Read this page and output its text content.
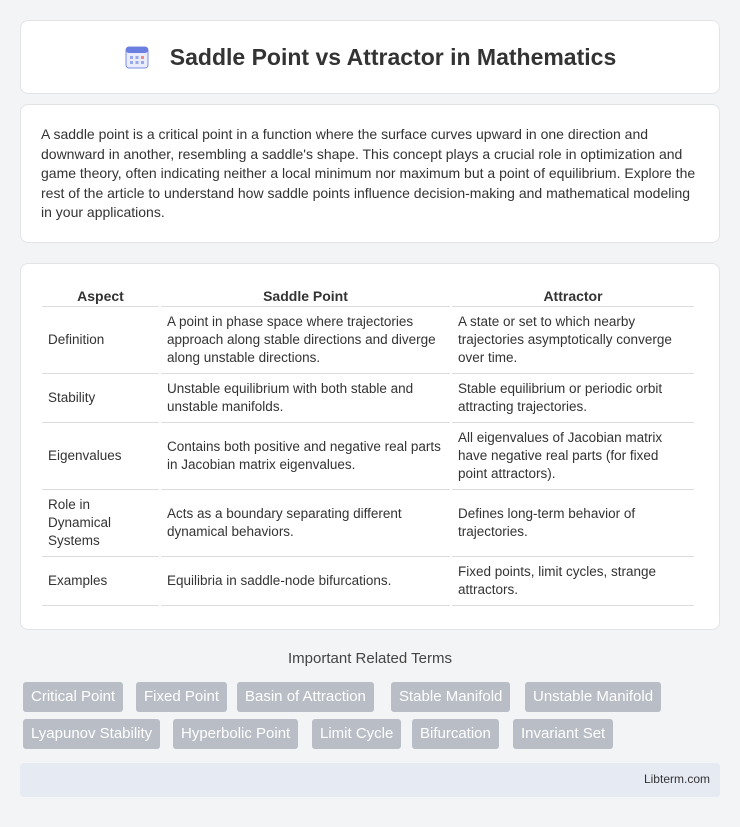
Saddle Point vs Attractor in Mathematics

A saddle point is a critical point in a function where the surface curves upward in one direction and downward in another, resembling a saddle's shape. This concept plays a crucial role in optimization and game theory, often indicating neither a local minimum nor maximum but a point of equilibrium. Explore the rest of the article to understand how saddle points influence decision-making and mathematical modeling in your applications.

Aspect	Saddle Point	Attractor
Definition	A point in phase space where trajectories approach along stable directions and diverge along unstable directions.	A state or set to which nearby trajectories asymptotically converge over time.
Stability	Unstable equilibrium with both stable and unstable manifolds.	Stable equilibrium or periodic orbit attracting trajectories.
Eigenvalues	Contains both positive and negative real parts in Jacobian matrix eigenvalues.	All eigenvalues of Jacobian matrix have negative real parts (for fixed point attractors).
Role in Dynamical Systems	Acts as a boundary separating different dynamical behaviors.	Defines long-term behavior of trajectories.
Examples	Equilibria in saddle-node bifurcations.	Fixed points, limit cycles, strange attractors.
Important Related Terms
Critical Point	Fixed Point	Basin of Attraction	Stable Manifold	Unstable Manifold
Lyapunov Stability	Hyperbolic Point	Limit Cycle	Bifurcation	Invariant Set
Libterm.com
